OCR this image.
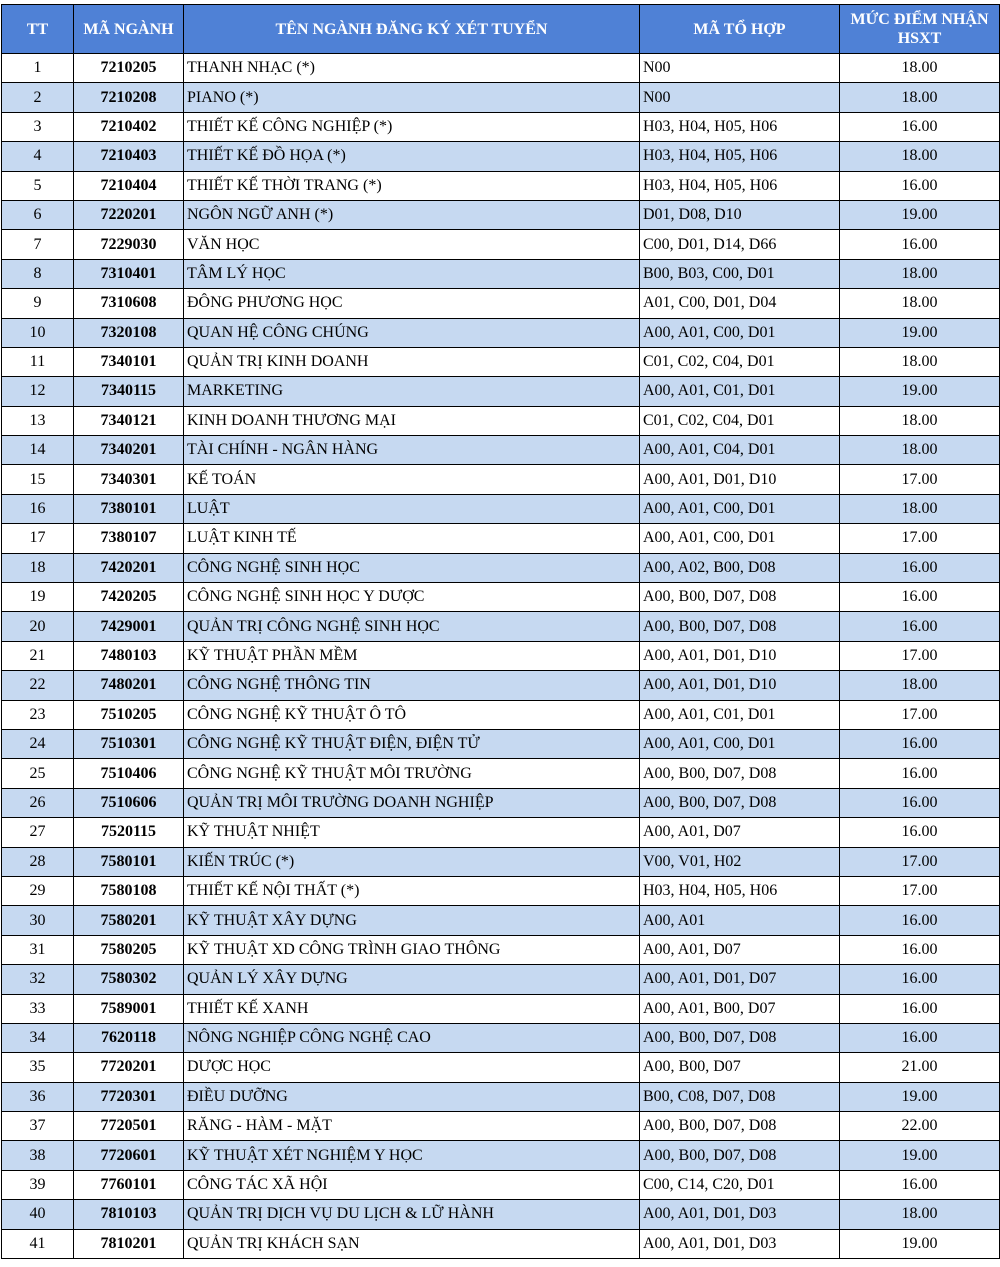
TT	MÃ NGÀNH	TÊN NGÀNH ĐĂNG KÝ XÉT TUYỂN	MÃ TỔ HỢP	MỨC ĐIỂM NHẬN HSXT
1	7210205	THANH NHẠC (*)	N00	18.00
2	7210208	PIANO (*)	N00	18.00
3	7210402	THIẾT KẾ CÔNG NGHIỆP (*)	H03, H04, H05, H06	16.00
4	7210403	THIẾT KẾ ĐỒ HỌA (*)	H03, H04, H05, H06	18.00
5	7210404	THIẾT KẾ THỜI TRANG (*)	H03, H04, H05, H06	16.00
6	7220201	NGÔN NGỮ ANH (*)	D01, D08, D10	19.00
7	7229030	VĂN HỌC	C00, D01, D14, D66	16.00
8	7310401	TÂM LÝ HỌC	B00, B03, C00, D01	18.00
9	7310608	ĐÔNG PHƯƠNG HỌC	A01, C00, D01, D04	18.00
10	7320108	QUAN HỆ CÔNG CHÚNG	A00, A01, C00, D01	19.00
11	7340101	QUẢN TRỊ KINH DOANH	C01, C02, C04, D01	18.00
12	7340115	MARKETING	A00, A01, C01, D01	19.00
13	7340121	KINH DOANH THƯƠNG MẠI	C01, C02, C04, D01	18.00
14	7340201	TÀI CHÍNH - NGÂN HÀNG	A00, A01, C04, D01	18.00
15	7340301	KẾ TOÁN	A00, A01, D01, D10	17.00
16	7380101	LUẬT	A00, A01, C00, D01	18.00
17	7380107	LUẬT KINH TẾ	A00, A01, C00, D01	17.00
18	7420201	CÔNG NGHỆ SINH HỌC	A00, A02, B00, D08	16.00
19	7420205	CÔNG NGHỆ SINH HỌC Y DƯỢC	A00, B00, D07, D08	16.00
20	7429001	QUẢN TRỊ CÔNG NGHỆ SINH HỌC	A00, B00, D07, D08	16.00
21	7480103	KỸ THUẬT PHẦN MỀM	A00, A01, D01, D10	17.00
22	7480201	CÔNG NGHỆ THÔNG TIN	A00, A01, D01, D10	18.00
23	7510205	CÔNG NGHỆ KỸ THUẬT Ô TÔ	A00, A01, C01, D01	17.00
24	7510301	CÔNG NGHỆ KỸ THUẬT ĐIỆN, ĐIỆN TỬ	A00, A01, C00, D01	16.00
25	7510406	CÔNG NGHỆ KỸ THUẬT MÔI TRƯỜNG	A00, B00, D07, D08	16.00
26	7510606	QUẢN TRỊ MÔI TRƯỜNG DOANH NGHIỆP	A00, B00, D07, D08	16.00
27	7520115	KỸ THUẬT NHIỆT	A00, A01, D07	16.00
28	7580101	KIẾN TRÚC (*)	V00, V01, H02	17.00
29	7580108	THIẾT KẾ NỘI THẤT (*)	H03, H04, H05, H06	17.00
30	7580201	KỸ THUẬT XÂY DỰNG	A00, A01	16.00
31	7580205	KỸ THUẬT XD CÔNG TRÌNH GIAO THÔNG	A00, A01, D07	16.00
32	7580302	QUẢN LÝ XÂY DỰNG	A00, A01, D01, D07	16.00
33	7589001	THIẾT KẾ XANH	A00, A01, B00, D07	16.00
34	7620118	NÔNG NGHIỆP CÔNG NGHỆ CAO	A00, B00, D07, D08	16.00
35	7720201	DƯỢC HỌC	A00, B00, D07	21.00
36	7720301	ĐIỀU DƯỠNG	B00, C08, D07, D08	19.00
37	7720501	RĂNG - HÀM - MẶT	A00, B00, D07, D08	22.00
38	7720601	KỸ THUẬT XÉT NGHIỆM Y HỌC	A00, B00, D07, D08	19.00
39	7760101	CÔNG TÁC XÃ HỘI	C00, C14, C20, D01	16.00
40	7810103	QUẢN TRỊ DỊCH VỤ DU LỊCH & LỮ HÀNH	A00, A01, D01, D03	18.00
41	7810201	QUẢN TRỊ KHÁCH SẠN	A00, A01, D01, D03	19.00
